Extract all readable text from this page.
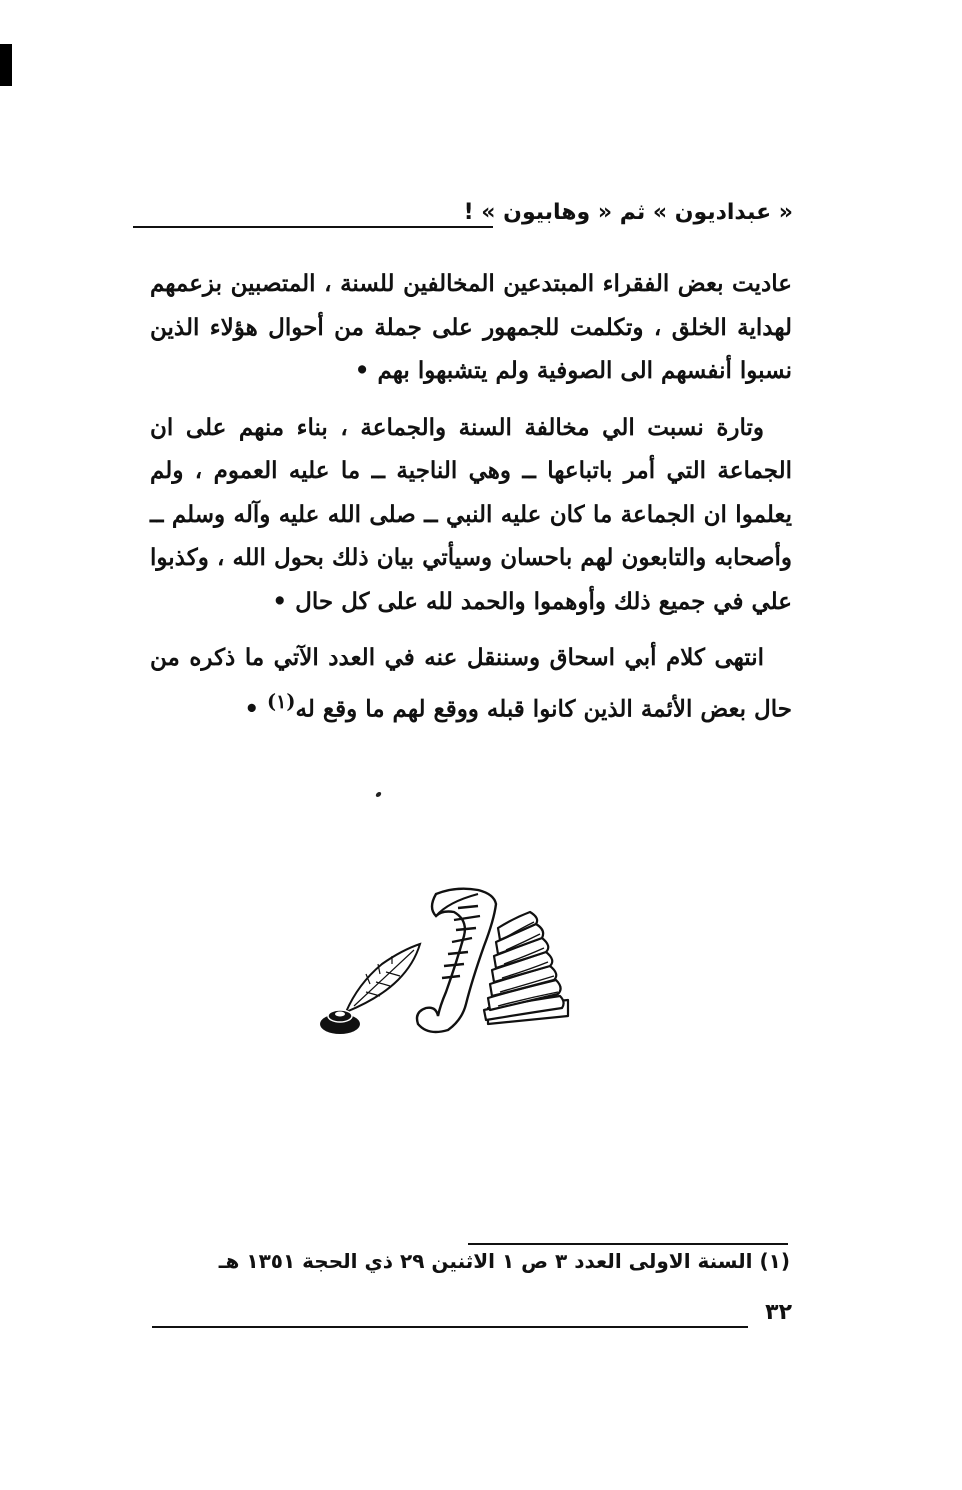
« عبداديون » ثم « وهابيون » !

عاديت بعض الفقراء المبتدعين المخالفين للسنة ، المتصبين بزعمهم لهداية الخلق ، وتكلمت للجمهور على جملة من أحوال هؤلاء الذين نسبوا أنفسهم الى الصوفية ولم يتشبهوا بهم •

وتارة نسبت الي مخالفة السنة والجماعة ، بناء منهم على ان الجماعة التي أمر باتباعها ــ وهي الناجية ــ ما عليه العموم ، ولم يعلموا ان الجماعة ما كان عليه النبي ــ صلى الله عليه وآله وسلم ــ وأصحابه والتابعون لهم باحسان وسيأتي بيان ذلك بحول الله ، وكذبوا علي في جميع ذلك وأوهموا والحمد لله على كل حال •

انتهى كلام أبي اسحاق وسننقل عنه في العدد الآتي ما ذكره من حال بعض الأئمة الذين كانوا قبله ووقع لهم ما وقع له$^{(١)}$ •

(١) السنة الاولى العدد ٣ ص ١ الاثنين ٢٩ ذي الحجة ١٣٥١ هـ
٣٢
